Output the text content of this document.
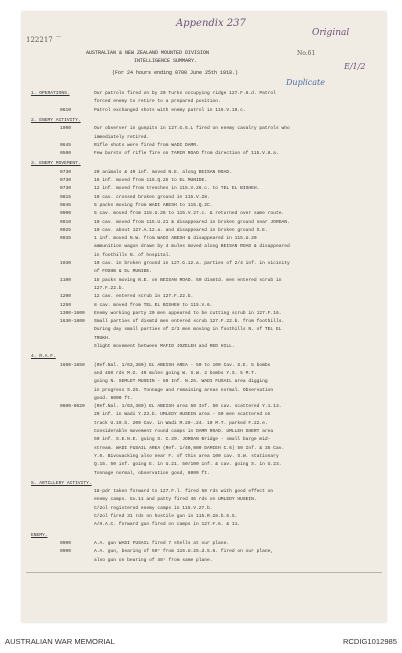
122217 ~
Appendix 237
Original
No.61
E/1/2
Duplicate
AUSTRALIAN & NEW ZEALAND MOUNTED DIVISION
INTELLIGENCE SUMMARY.
(For 24 hours ending 0700 June 25th 1918.)
1. OPERATIONS.	Our patrols fired on by 20 Turks occupying ridge 127.F.6.d. Patrol
forced enemy to retire to a prepared position.
0610	Patrol exchanged shots with enemy patrol in 115.V.19.c.
2. ENEMY ACTIVITY.
1900	Our observer in gunpits in 127.G.5.L fired on enemy cavalry patrols who
immediately retired.
0645	Rifle shots were fired from WADI DAMR.
0500	Few bursts of rifle fire on TAMIR ROAD from direction of 115.V.8.a.
3. ENEMY MOVEMENT.
0730	20 animals & 40 inf. moved N.E. along BEISAN ROAD.
0730	16 inf. moved from 115.Q.25 to EL MUNIDE.
0730	12 inf. moved from trenches in 115.V.26.c. to TEL EL BISHEH.
0815	10 cav. crossed broken ground in 115.V.28.
0845	6 packs moving from WADI ABESH to 115.Q.2C.
0900	6 cav. moved from 115.U.26 to 115.V.27.c. & returned over same route.
0910	10 cav. moved from 115.U.21 & disappeared in broken ground near JORDAN.
0925	10 cav. about 127.A.12.a. and disappeared in broken ground S.E.
0935	1 inf. moved N.W. from WADI ABESH & disappeared in 115.U.20
ammunition wagon drawn by 4 mules moved along BEISAN ROAD & disappeared
in foothills N. of hospital.
1030	10 cav. in broken ground in 127.G.12.a. parties of 2/4 inf. in vicinity
of FOSHB & EL MUNIDE.
1100	15 packs moving N.E. on BEISAN ROAD. 50 dismtd. men entered scrub in
127.F.22.b.
1200	12 cav. entered scrub in 127.F.22.b.
1250	8 cav. moved from TEL EL BISHEH to 115.V.6.
1300-1600	Enemy working party 20 men appeared to be cutting scrub in 127.F.16.
1630-1800	Small parties of dismtd men entered scrub 127.F.22.b. from foothills.
During day small parties of 2/3 men moving in foothills N. of TEL EL
TRUKH.
Slight movement between MAFID JOZELEH and RED HILL.
4. R.A.F.
1600-1650	(Ref.Nal. 1/63,360) EL ABEISH AREA - 50 to 100 Cav. S.E. 5 bombs
and 450 rds M.G. 40 mules going W. S.W. 2 bombs Y.S. 5 M.T.
going N. SEMLET MUSEIN - 50 Inf. N.25. WADI FUSAIL area digging
in progress S.25. Tonnage and remaining areas normal. Observation
good. 6000 ft.
0600-0620	(Ref.Nal. 1/63,360) EL ABEISH area 50 Inf. 50 cav. scattered Y.1.13.
20 inf. in Wadi Y.23.b. UMLEDY HUSEIN area - 50 men scattered on
track U.19.b. 200 Cav. in Wadi M.29-.24. 10 M.T. parked F.22.e.
Considerable movement round camps in DAMR ROAD. UMLLEH SHERT area
50 inf. S.E.N.E. going S. C.29. JORDAN Bridge - small barge mid-
stream. WADI FUSAIL AREA (Ref. 1/40,000 DAMIEH C.6) 50 Inf. & 35 Cav.
Y.6. Bivouacking also near F. of this area 100 cav. S.W. stationary
Q.15. 50 inf. going E. in U.21. 50/100 inf. & cav. going S. in U.23.
Tonnage normal, observation good, 6000 ft.
5. ARTILLERY ACTIVITY.
18-pdr taken forward to 127.F.l. fired 50 rds with good effect on
enemy camps. Go.11 and patty fired 46 rds on UMLEDY HUSEIN.
C/2ol registered enemy camps in 115.V.27.b.
C/2ol fired 31 rds on hostile gun in 115.R.28.b.5.5.
A/H.A.C. forward gun fired on camps in 127.F.6. & 11.
ENEMY.
0900	A.A. gun WADI FUSAIL fired 7 shells at our plane.
0900	A.A. gun, bearing of 50° from 115.U.25.d.5.6. fired on our plane,
also gun on bearing of 48° from same plane.
AUSTRALIAN WAR MEMORIAL	RCDIG1012985
